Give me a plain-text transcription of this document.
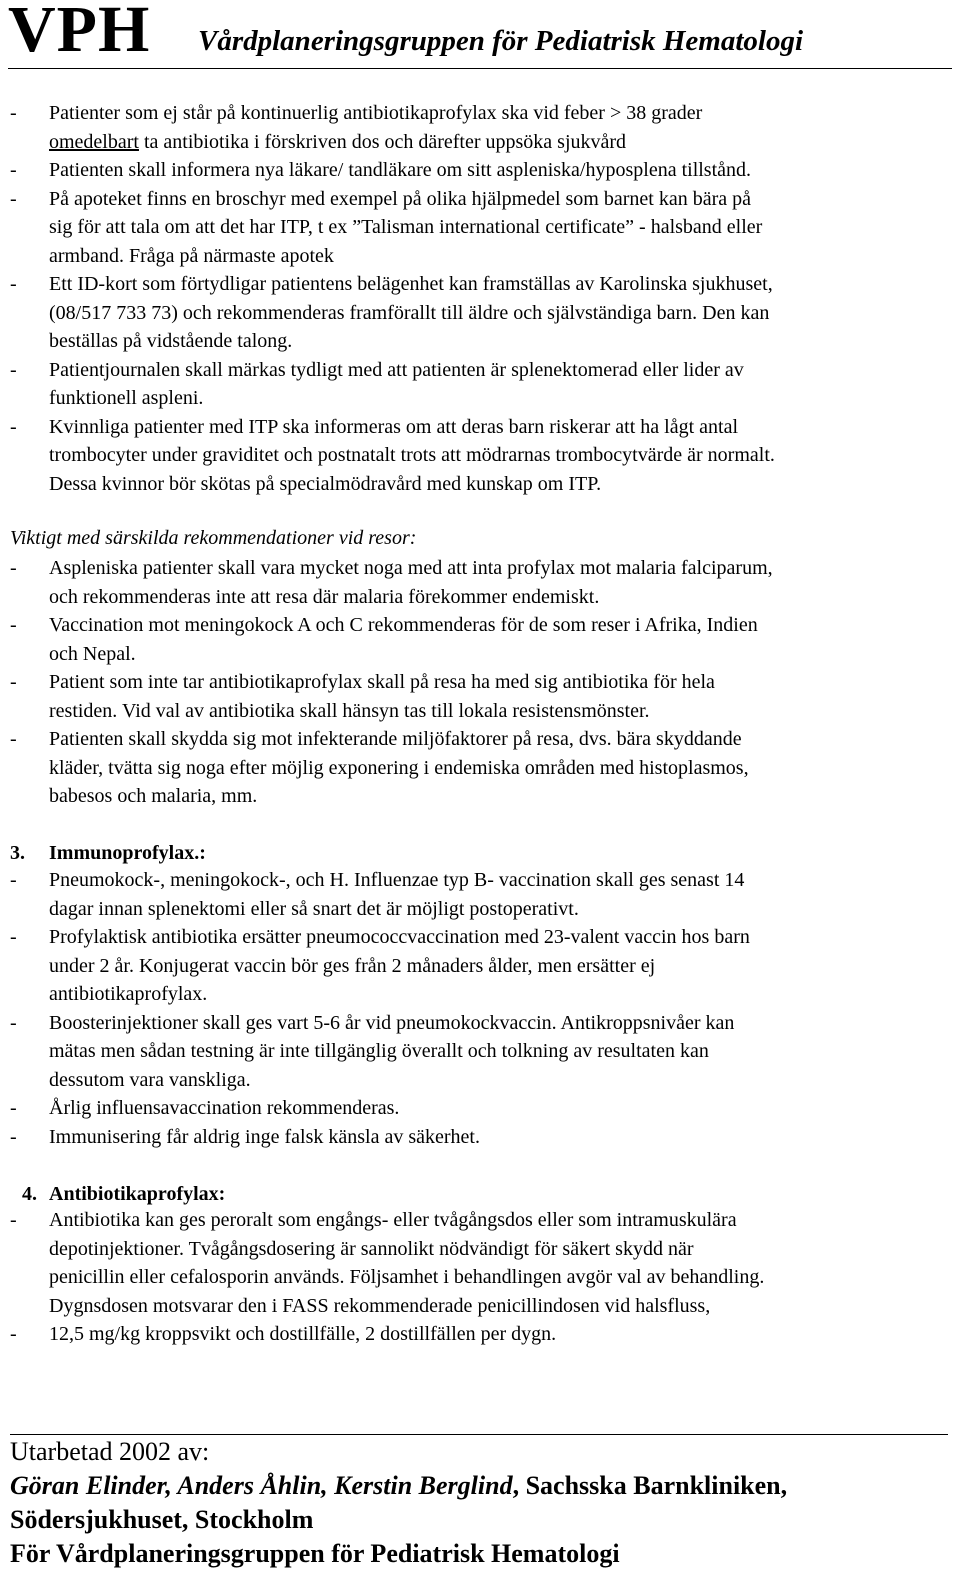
VPH Vårdplaneringsgruppen för Pediatrisk Hematologi
Viktigt med särskilda rekommendationer vid resor:
3. Immunoprofylax.:
4. Antibiotikaprofylax:
- Patienter som ej står på kontinuerlig antibiotikaprofylax ska vid feber > 38 grader
omedelbart ta antibiotika i förskriven dos och därefter uppsöka sjukvård
- Patienten skall informera nya läkare/ tandläkare om sitt aspleniska/hyposplena tillstånd.
- På apoteket finns en broschyr med exempel på olika hjälpmedel som barnet kan bära på
sig för att tala om att det har ITP, t ex ”Talisman international certificate” - halsband eller
armband. Fråga på närmaste apotek
- Ett ID-kort som förtydligar patientens belägenhet kan framställas av Karolinska sjukhuset,
(08/517 733 73) och rekommenderas framförallt till äldre och självständiga barn. Den kan
beställas på vidstående talong.
- Patientjournalen skall märkas tydligt med att patienten är splenektomerad eller lider av
funktionell aspleni.
- Kvinnliga patienter med ITP ska informeras om att deras barn riskerar att ha lågt antal
trombocyter under graviditet och postnatalt trots att mödrarnas trombocytvärde är normalt.
Dessa kvinnor bör skötas på specialmödravård med kunskap om ITP.
- Aspleniska patienter skall vara mycket noga med att inta profylax mot malaria falciparum,
och rekommenderas inte att resa där malaria förekommer endemiskt.
- Vaccination mot meningokock A och C rekommenderas för de som reser i Afrika, Indien
och Nepal.
- Patient som inte tar antibiotikaprofylax skall på resa ha med sig antibiotika för hela
restiden. Vid val av antibiotika skall hänsyn tas till lokala resistensmönster.
- Patienten skall skydda sig mot infekterande miljöfaktorer på resa, dvs. bära skyddande
kläder, tvätta sig noga efter möjlig exponering i endemiska områden med histoplasmos,
babesos och malaria, mm.
- Pneumokock-, meningokock-, och H. Influenzae typ B- vaccination skall ges senast 14
dagar innan splenektomi eller så snart det är möjligt postoperativt.
- Profylaktisk antibiotika ersätter pneumococcvaccination med 23-valent vaccin hos barn
under 2 år. Konjugerat vaccin bör ges från 2 månaders ålder, men ersätter ej
antibiotikaprofylax.
- Boosterinjektioner skall ges vart 5-6 år vid pneumokockvaccin. Antikroppsnivåer kan
mätas men sådan testning är inte tillgänglig överallt och tolkning av resultaten kan
dessutom vara vanskliga.
- Årlig influensavaccination rekommenderas.
- Immunisering får aldrig inge falsk känsla av säkerhet.
- Antibiotika kan ges peroralt som engångs- eller tvågångsdos eller som intramuskulära
depotinjektioner. Tvågångsdosering är sannolikt nödvändigt för säkert skydd när
penicillin eller cefalosporin används. Följsamhet i behandlingen avgör val av behandling.
Dygnsdosen motsvarar den i FASS rekommenderade penicillindosen vid halsfluss,
- 12,5 mg/kg kroppsvikt och dostillfälle, 2 dostillfällen per dygn.
Utarbetad 2002 av:
Göran Elinder, Anders Åhlin, Kerstin Berglind, Sachsska Barnkliniken,
Södersjukhuset, Stockholm
För Vårdplaneringsgruppen för Pediatrisk Hematologi
